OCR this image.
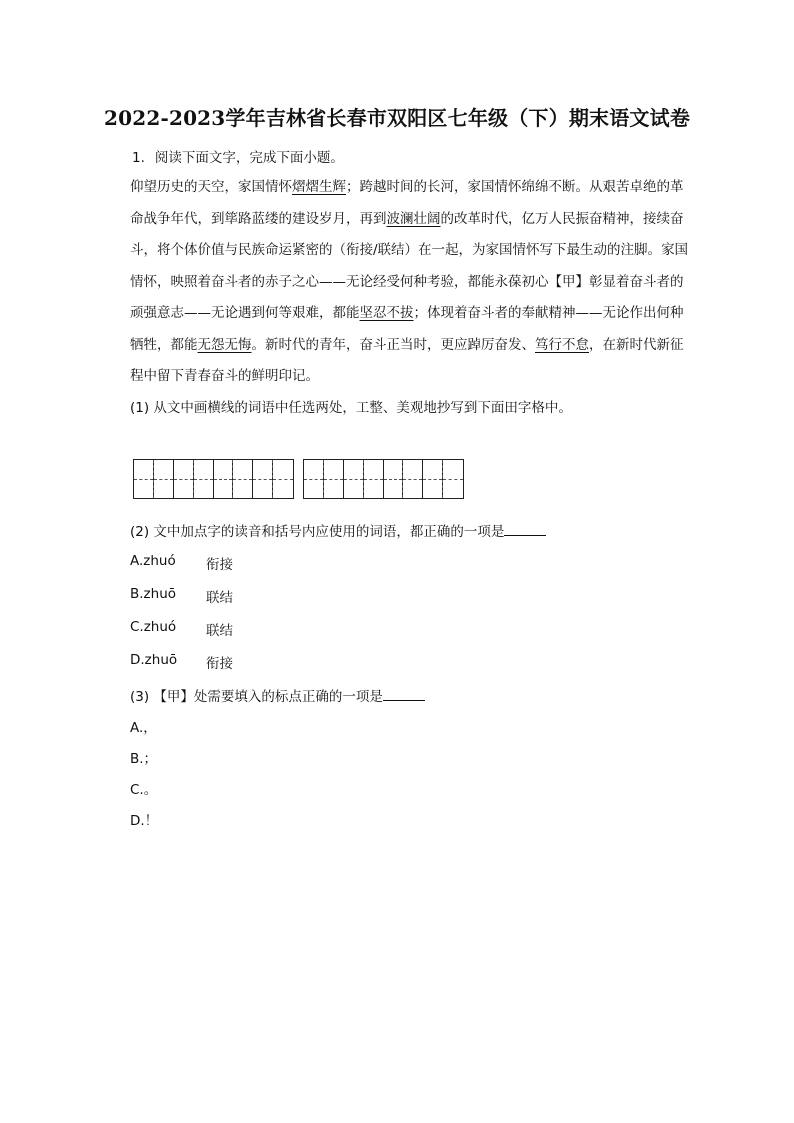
2022-2023学年吉林省长春市双阳区七年级（下）期末语文试卷
1. 阅读下面文字，完成下面小题。
仰望历史的天空，家国情怀熠熠生辉；跨越时间的长河，家国情怀绵绵不断。从艰苦卓绝的革命战争年代，到筚路蓝缕的建设岁月，再到波澜壮阔的改革时代，亿万人民振奋精神，接续奋斗，将个体价值与民族命运紧密的（衔接/联结）在一起，为家国情怀写下最生动的注脚。家国情怀，映照着奋斗者的赤子之心——无论经受何种考验，都能永葆初心【甲】彰显着奋斗者的顽强意志——无论遇到何等艰难，都能坚忍不拔；体现着奋斗者的奉献精神——无论作出何种牺牲，都能无怨无悔。新时代的青年，奋斗正当时，更应踔厉奋发、笃行不怠，在新时代新征程中留下青春奋斗的鲜明印记。
(1) 从文中画横线的词语中任选两处，工整、美观地抄写到下面田字格中。
(2) 文中加点字的读音和括号内应使用的词语，都正确的一项是
A.zhuó 衔接
B.zhuō 联结
C.zhuó 联结
D.zhuō 衔接
(3) 【甲】处需要填入的标点正确的一项是
A.，
B.；
C.。
D.！
